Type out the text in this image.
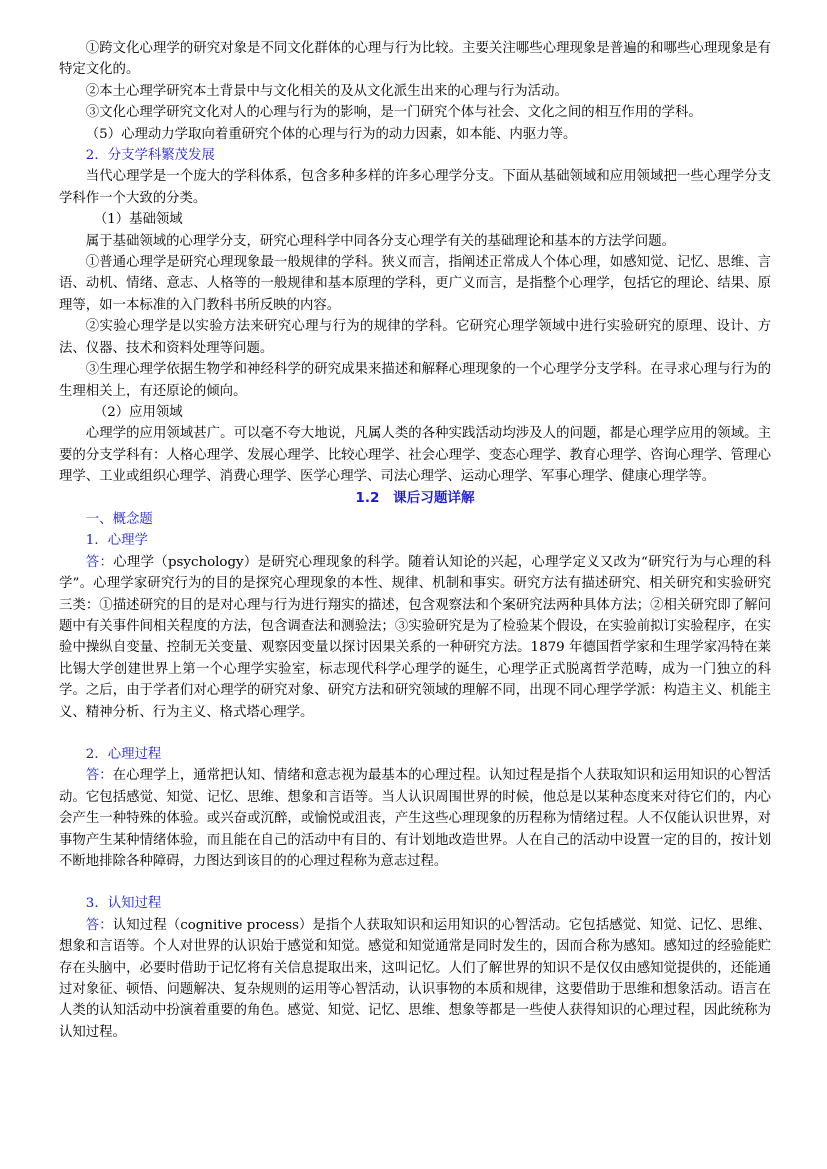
①跨文化心理学的研究对象是不同文化群体的心理与行为比较。主要关注哪些心理现象是普遍的和哪些心理现象是有特定文化的。

②本土心理学研究本土背景中与文化相关的及从文化派生出来的心理与行为活动。

③文化心理学研究文化对人的心理与行为的影响，是一门研究个体与社会、文化之间的相互作用的学科。

（5）心理动力学取向着重研究个体的心理与行为的动力因素，如本能、内驱力等。

2．分支学科繁茂发展

当代心理学是一个庞大的学科体系，包含多种多样的许多心理学分支。下面从基础领域和应用领域把一些心理学分支学科作一个大致的分类。

（1）基础领域

属于基础领域的心理学分支，研究心理科学中同各分支心理学有关的基础理论和基本的方法学问题。

①普通心理学是研究心理现象最一般规律的学科。狭义而言，指阐述正常成人个体心理，如感知觉、记忆、思维、言语、动机、情绪、意志、人格等的一般规律和基本原理的学科，更广义而言，是指整个心理学，包括它的理论、结果、原理等，如一本标准的入门教科书所反映的内容。

②实验心理学是以实验方法来研究心理与行为的规律的学科。它研究心理学领域中进行实验研究的原理、设计、方法、仪器、技术和资料处理等问题。

③生理心理学依据生物学和神经科学的研究成果来描述和解释心理现象的一个心理学分支学科。在寻求心理与行为的生理相关上，有还原论的倾向。

（2）应用领域

心理学的应用领域甚广。可以毫不夸大地说，凡属人类的各种实践活动均涉及人的问题，都是心理学应用的领域。主要的分支学科有：人格心理学、发展心理学、比较心理学、社会心理学、变态心理学、教育心理学、咨询心理学、管理心理学、工业或组织心理学、消费心理学、医学心理学、司法心理学、运动心理学、军事心理学、健康心理学等。

1.2　课后习题详解

一、概念题

1．心理学

答：心理学（psychology）是研究心理现象的科学。随着认知论的兴起，心理学定义又改为“研究行为与心理的科学”。心理学家研究行为的目的是探究心理现象的本性、规律、机制和事实。研究方法有描述研究、相关研究和实验研究三类：①描述研究的目的是对心理与行为进行翔实的描述，包含观察法和个案研究法两种具体方法；②相关研究即了解问题中有关事件间相关程度的方法，包含调查法和测验法；③实验研究是为了检验某个假设，在实验前拟订实验程序，在实验中操纵自变量、控制无关变量、观察因变量以探讨因果关系的一种研究方法。1879 年德国哲学家和生理学家冯特在莱比锡大学创建世界上第一个心理学实验室，标志现代科学心理学的诞生，心理学正式脱离哲学范畴，成为一门独立的科学。之后，由于学者们对心理学的研究对象、研究方法和研究领域的理解不同，出现不同心理学学派：构造主义、机能主义、精神分析、行为主义、格式塔心理学。

2．心理过程

答：在心理学上，通常把认知、情绪和意志视为最基本的心理过程。认知过程是指个人获取知识和运用知识的心智活动。它包括感觉、知觉、记忆、思维、想象和言语等。当人认识周围世界的时候，他总是以某种态度来对待它们的，内心会产生一种特殊的体验。或兴奋或沉醉，或愉悦或沮丧，产生这些心理现象的历程称为情绪过程。人不仅能认识世界，对事物产生某种情绪体验，而且能在自己的活动中有目的、有计划地改造世界。人在自己的活动中设置一定的目的，按计划不断地排除各种障碍，力图达到该目的的心理过程称为意志过程。

3．认知过程

答：认知过程（cognitive process）是指个人获取知识和运用知识的心智活动。它包括感觉、知觉、记忆、思维、想象和言语等。个人对世界的认识始于感觉和知觉。感觉和知觉通常是同时发生的，因而合称为感知。感知过的经验能贮存在头脑中，必要时借助于记忆将有关信息提取出来，这叫记忆。人们了解世界的知识不是仅仅由感知觉提供的，还能通过对象征、顿悟、问题解决、复杂规则的运用等心智活动，认识事物的本质和规律，这要借助于思维和想象活动。语言在人类的认知活动中扮演着重要的角色。感觉、知觉、记忆、思维、想象等都是一些使人获得知识的心理过程，因此统称为认知过程。
